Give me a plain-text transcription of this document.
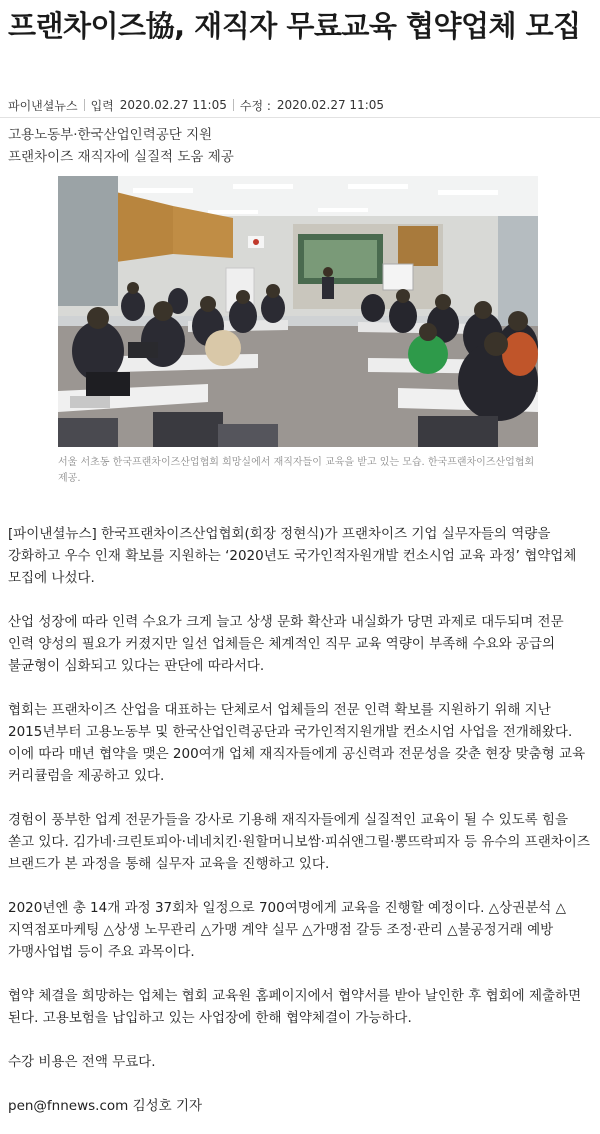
프랜차이즈協, 재직자 무료교육 협약업체 모집
파이낸셜뉴스 입력 2020.02.27 11:05 수정 : 2020.02.27 11:05
고용노동부·한국산업인력공단 지원
프랜차이즈 재직자에 실질적 도움 제공
서울 서초동 한국프랜차이즈산업협회 희망실에서 재직자들이 교육을 받고 있는 모습. 한국프랜차이즈산업협회 제공.

[파이낸셜뉴스] 한국프랜차이즈산업협회(회장 정현식)가 프랜차이즈 기업 실무자들의 역량을 강화하고 우수 인재 확보를 지원하는 ‘2020년도 국가인적자원개발 컨소시엄 교육 과정’ 협약업체 모집에 나섰다.

산업 성장에 따라 인력 수요가 크게 늘고 상생 문화 확산과 내실화가 당면 과제로 대두되며 전문 인력 양성의 필요가 커졌지만 일선 업체들은 체계적인 직무 교육 역량이 부족해 수요와 공급의 불균형이 심화되고 있다는 판단에 따라서다.

협회는 프랜차이즈 산업을 대표하는 단체로서 업체들의 전문 인력 확보를 지원하기 위해 지난 2015년부터 고용노동부 및 한국산업인력공단과 국가인적지원개발 컨소시엄 사업을 전개해왔다. 이에 따라 매년 협약을 맺은 200여개 업체 재직자들에게 공신력과 전문성을 갖춘 현장 맞춤형 교육 커리큘럼을 제공하고 있다.

경험이 풍부한 업계 전문가들을 강사로 기용해 재직자들에게 실질적인 교육이 될 수 있도록 힘을 쏟고 있다. 김가네·크린토피아·네네치킨·원할머니보쌈·피쉬앤그릴·뽕뜨락피자 등 유수의 프랜차이즈 브랜드가 본 과정을 통해 실무자 교육을 진행하고 있다.

2020년엔 총 14개 과정 37회차 일정으로 700여명에게 교육을 진행할 예정이다. △상권분석 △지역점포마케팅 △상생 노무관리 △가맹 계약 실무 △가맹점 갈등 조정·관리 △불공정거래 예방 가맹사업법 등이 주요 과목이다.

협약 체결을 희망하는 업체는 협회 교육원 홈페이지에서 협약서를 받아 날인한 후 협회에 제출하면 된다. 고용보험을 납입하고 있는 사업장에 한해 협약체결이 가능하다.

수강 비용은 전액 무료다.

pen@fnnews.com 김성호 기자
